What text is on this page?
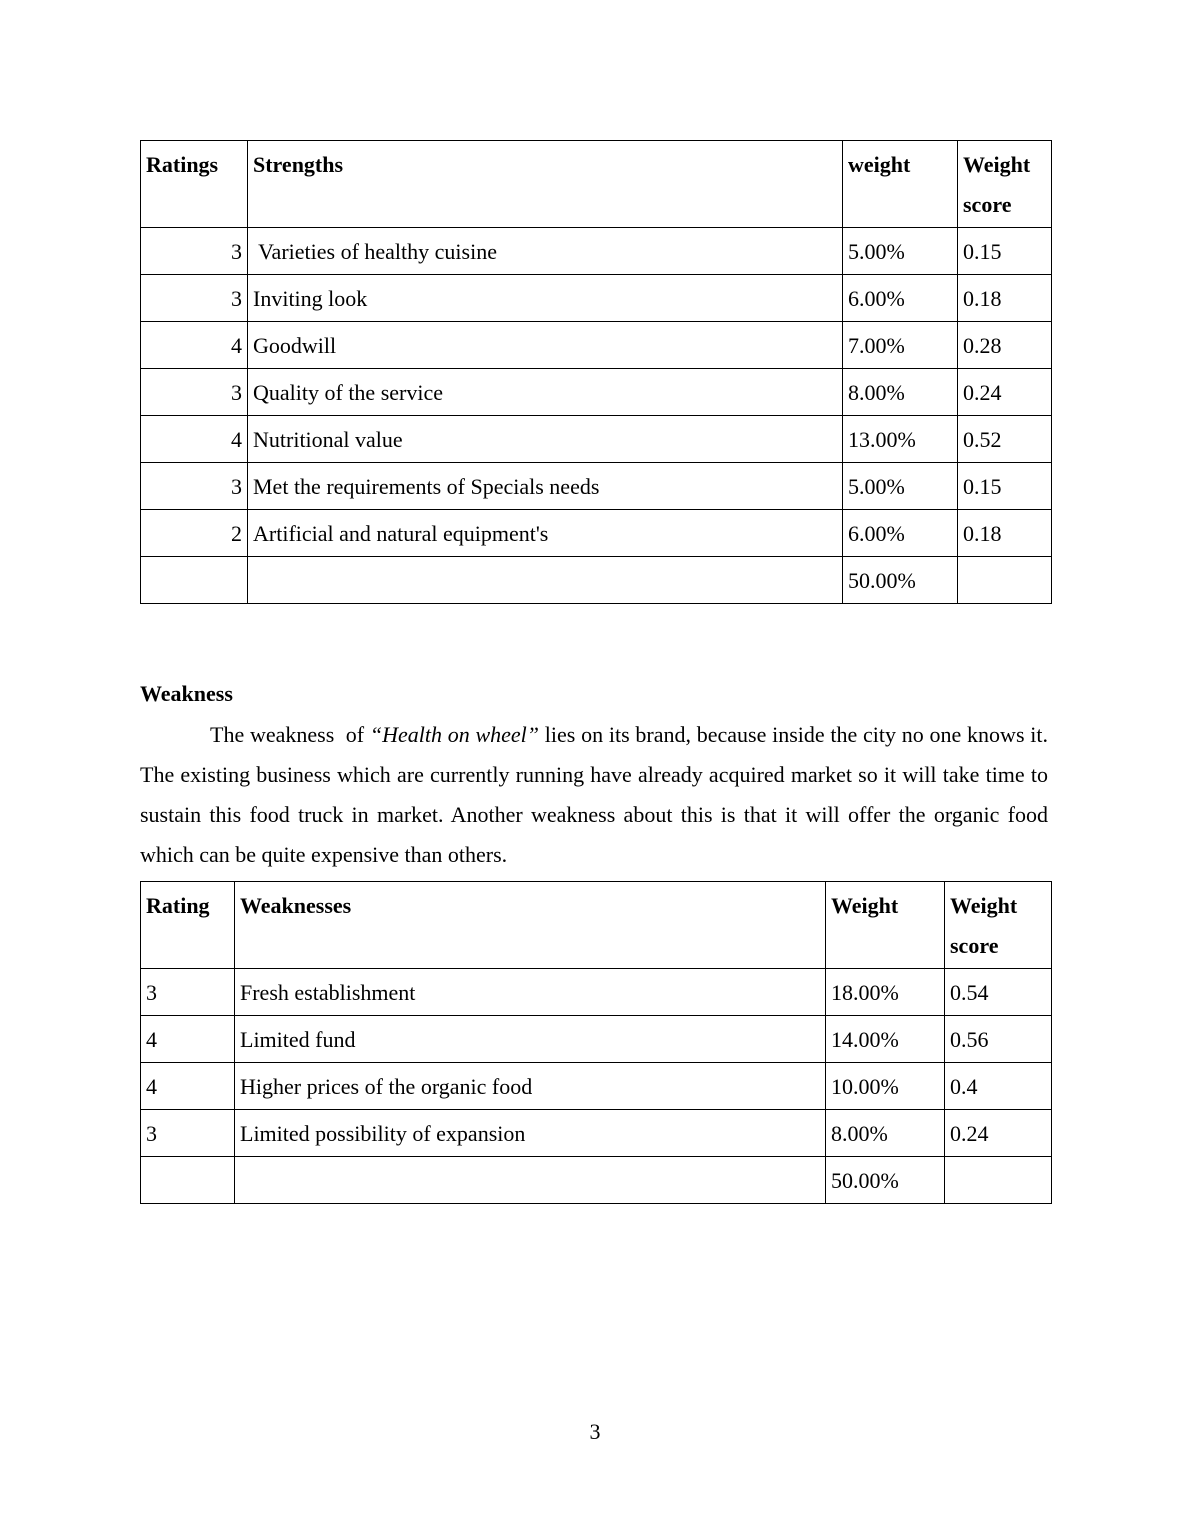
Ratings	Strengths	weight	Weight score
3	Varieties of healthy cuisine	5.00%	0.15
3	Inviting look	6.00%	0.18
4	Goodwill	7.00%	0.28
3	Quality of the service	8.00%	0.24
4	Nutritional value	13.00%	0.52
3	Met the requirements of Specials needs	5.00%	0.15
2	Artificial and natural equipment's	6.00%	0.18
		50.00%	
Weakness
The weakness  of “Health on wheel” lies on its brand, because inside the city no one knows it. The existing business which are currently running have already acquired market so it will take time to sustain this food truck in market. Another weakness about this is that it will offer the organic food which can be quite expensive than others.
Rating	Weaknesses	Weight	Weight score
3	Fresh establishment	18.00%	0.54
4	Limited fund	14.00%	0.56
4	Higher prices of the organic food	10.00%	0.4
3	Limited possibility of expansion	8.00%	0.24
		50.00%	
3
